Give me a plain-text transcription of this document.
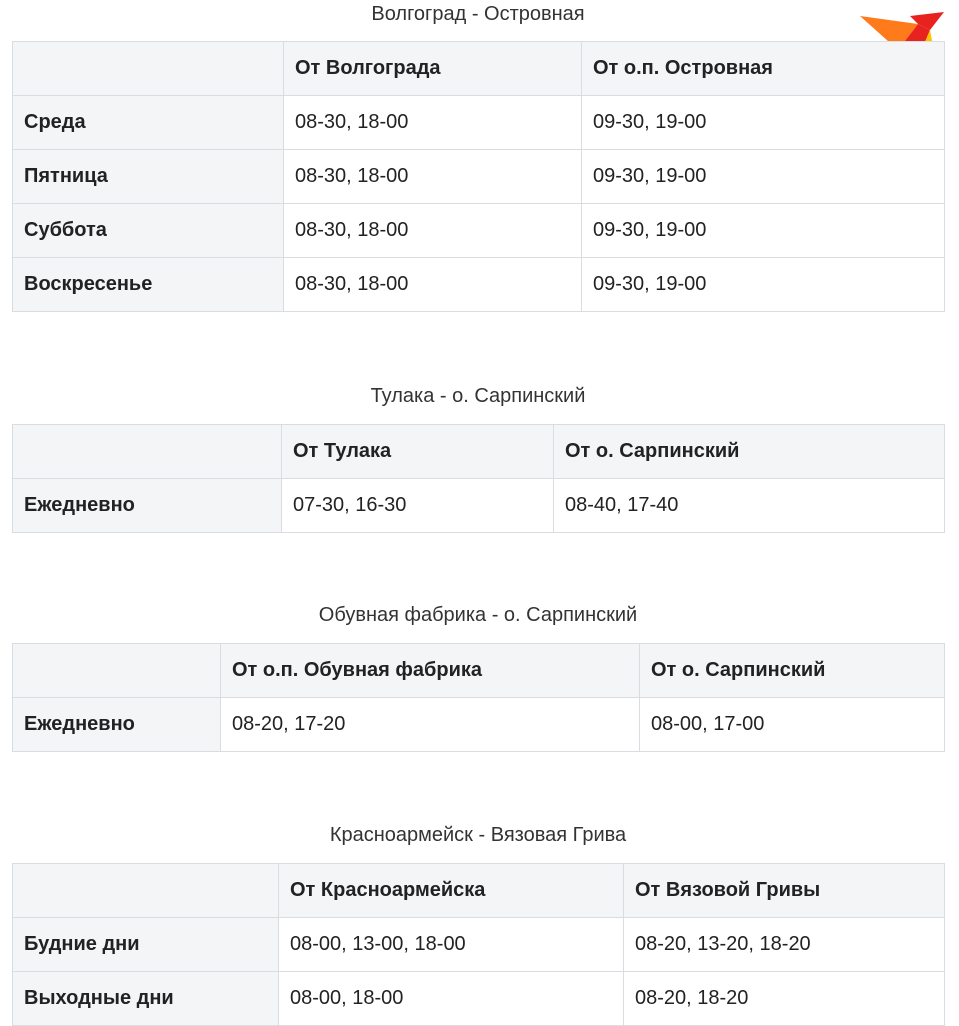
Волгоград - Островная
	От Волгограда	От о.п. Островная
Среда	08-30, 18-00	09-30, 19-00
Пятница	08-30, 18-00	09-30, 19-00
Суббота	08-30, 18-00	09-30, 19-00
Воскресенье	08-30, 18-00	09-30, 19-00
Тулака - о. Сарпинский
	От Тулака	От о. Сарпинский
Ежедневно	07-30, 16-30	08-40, 17-40
Обувная фабрика - о. Сарпинский
	От о.п. Обувная фабрика	От о. Сарпинский
Ежедневно	08-20, 17-20	08-00, 17-00
Красноармейск - Вязовая Грива
	От Красноармейска	От Вязовой Гривы
Будние дни	08-00, 13-00, 18-00	08-20, 13-20, 18-20
Выходные дни	08-00, 18-00	08-20, 18-20
